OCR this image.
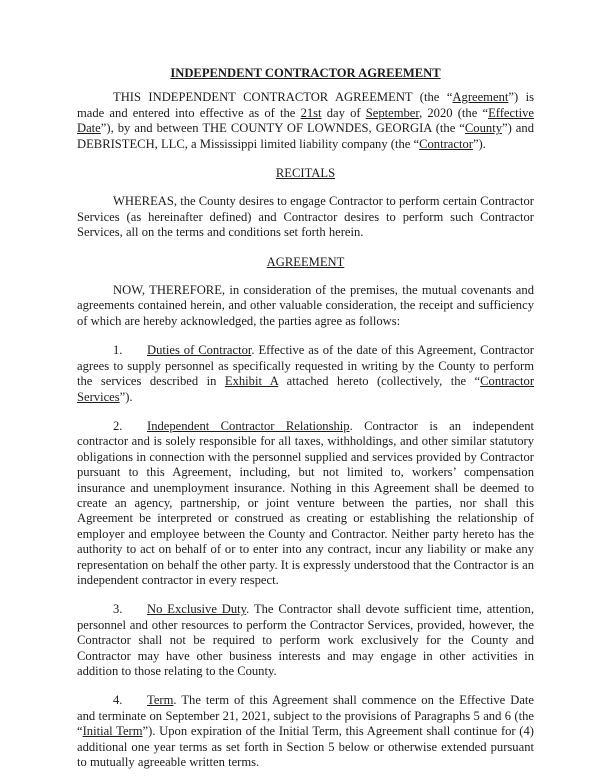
INDEPENDENT CONTRACTOR AGREEMENT

THIS INDEPENDENT CONTRACTOR AGREEMENT (the “Agreement”) is made and entered into effective as of the 21st day of September, 2020 (the “Effective Date”), by and between THE COUNTY OF LOWNDES, GEORGIA (the “County”) and DEBRISTECH, LLC, a Mississippi limited liability company (the “Contractor”).

RECITALS

WHEREAS, the County desires to engage Contractor to perform certain Contractor Services (as hereinafter defined) and Contractor desires to perform such Contractor Services, all on the terms and conditions set forth herein.

AGREEMENT

NOW, THEREFORE, in consideration of the premises, the mutual covenants and agreements contained herein, and other valuable consideration, the receipt and sufficiency of which are hereby acknowledged, the parties agree as follows:

1. Duties of Contractor. Effective as of the date of this Agreement, Contractor agrees to supply personnel as specifically requested in writing by the County to perform the services described in Exhibit A attached hereto (collectively, the “Contractor Services”).

2. Independent Contractor Relationship. Contractor is an independent contractor and is solely responsible for all taxes, withholdings, and other similar statutory obligations in connection with the personnel supplied and services provided by Contractor pursuant to this Agreement, including, but not limited to, workers’ compensation insurance and unemployment insurance. Nothing in this Agreement shall be deemed to create an agency, partnership, or joint venture between the parties, nor shall this Agreement be interpreted or construed as creating or establishing the relationship of employer and employee between the County and Contractor. Neither party hereto has the authority to act on behalf of or to enter into any contract, incur any liability or make any representation on behalf the other party. It is expressly understood that the Contractor is an independent contractor in every respect.

3. No Exclusive Duty. The Contractor shall devote sufficient time, attention, personnel and other resources to perform the Contractor Services, provided, however, the Contractor shall not be required to perform work exclusively for the County and Contractor may have other business interests and may engage in other activities in addition to those relating to the County.

4. Term. The term of this Agreement shall commence on the Effective Date and terminate on September 21, 2021, subject to the provisions of Paragraphs 5 and 6 (the “Initial Term”). Upon expiration of the Initial Term, this Agreement shall continue for (4) additional one year terms as set forth in Section 5 below or otherwise extended pursuant to mutually agreeable written terms.
